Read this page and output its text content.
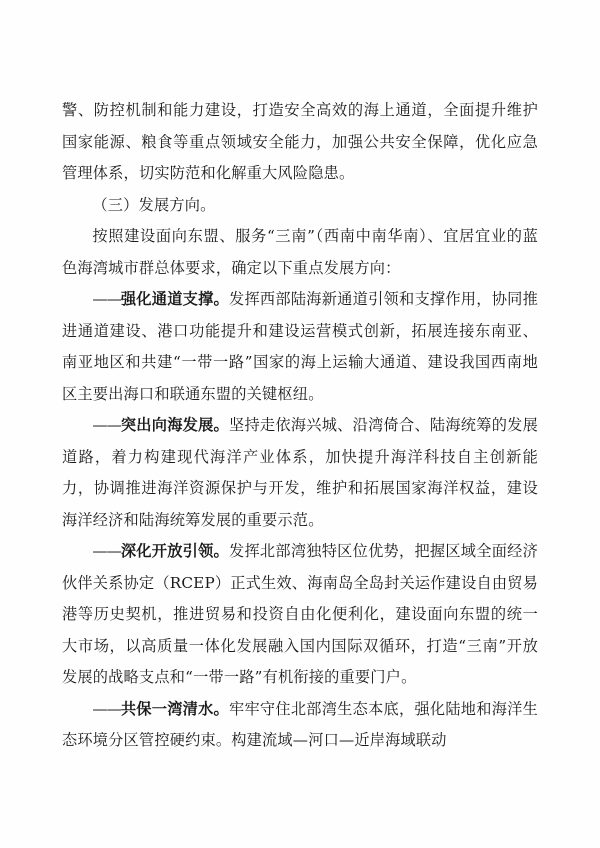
警、防控机制和能力建设，打造安全高效的海上通道，全面提升维护国家能源、粮食等重点领域安全能力，加强公共安全保障，优化应急管理体系，切实防范和化解重大风险隐患。

（三）发展方向。

按照建设面向东盟、服务“三南”（西南中南华南）、宜居宜业的蓝色海湾城市群总体要求，确定以下重点发展方向：

——强化通道支撑。发挥西部陆海新通道引领和支撑作用，协同推进通道建设、港口功能提升和建设运营模式创新，拓展连接东南亚、南亚地区和共建“一带一路”国家的海上运输大通道、建设我国西南地区主要出海口和联通东盟的关键枢纽。

——突出向海发展。坚持走依海兴城、沿湾倚合、陆海统筹的发展道路，着力构建现代海洋产业体系，加快提升海洋科技自主创新能力，协调推进海洋资源保护与开发，维护和拓展国家海洋权益，建设海洋经济和陆海统筹发展的重要示范。

——深化开放引领。发挥北部湾独特区位优势，把握区域全面经济伙伴关系协定（RCEP）正式生效、海南岛全岛封关运作建设自由贸易港等历史契机，推进贸易和投资自由化便利化，建设面向东盟的统一大市场，以高质量一体化发展融入国内国际双循环，打造“三南”开放发展的战略支点和“一带一路”有机衔接的重要门户。

——共保一湾清水。牢牢守住北部湾生态本底，强化陆地和海洋生态环境分区管控硬约束。构建流域—河口—近岸海域联动
